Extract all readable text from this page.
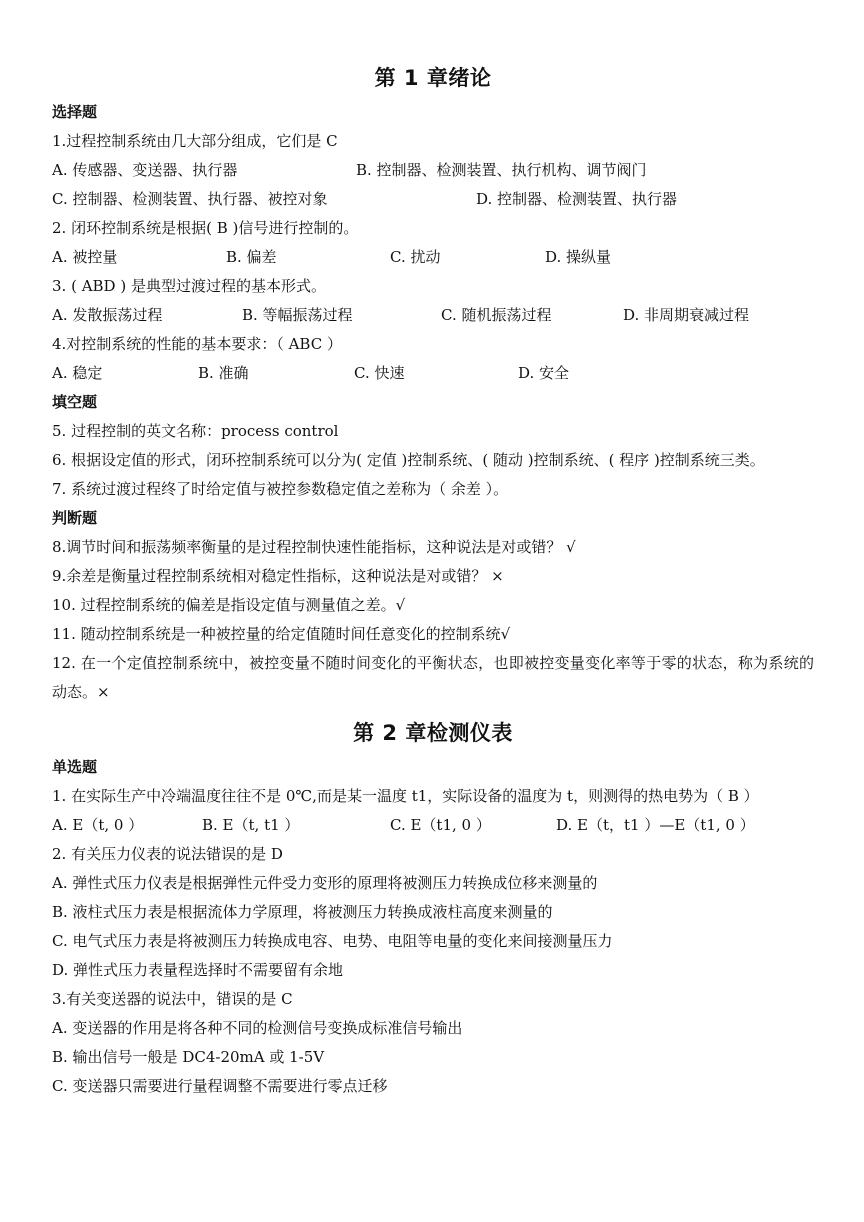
第 1 章绪论
选择题
1.过程控制系统由几大部分组成，它们是 C
A. 传感器、变送器、执行器	B. 控制器、检测装置、执行机构、调节阀门
C. 控制器、检测装置、执行器、被控对象	D. 控制器、检测装置、执行器
2. 闭环控制系统是根据( B )信号进行控制的。
A. 被控量	B. 偏差	C. 扰动	D. 操纵量
3. ( ABD ) 是典型过渡过程的基本形式。
A. 发散振荡过程	B. 等幅振荡过程	C. 随机振荡过程	D. 非周期衰减过程
4.对控制系统的性能的基本要求：（ ABC ）
A. 稳定	B. 准确	C. 快速	D. 安全
填空题
5. 过程控制的英文名称：process control
6. 根据设定值的形式，闭环控制系统可以分为( 定值 )控制系统、( 随动 )控制系统、( 程序 )控制系统三类。
7. 系统过渡过程终了时给定值与被控参数稳定值之差称为（ 余差 ）。
判断题
8.调节时间和振荡频率衡量的是过程控制快速性能指标，这种说法是对或错？ √
9.余差是衡量过程控制系统相对稳定性指标，这种说法是对或错？ ×
10. 过程控制系统的偏差是指设定值与测量值之差。√
11. 随动控制系统是一种被控量的给定值随时间任意变化的控制系统√
12. 在一个定值控制系统中，被控变量不随时间变化的平衡状态，也即被控变量变化率等于零的状态，称为系统的动态。×
第 2 章检测仪表
单选题
1. 在实际生产中冷端温度往往不是 0℃,而是某一温度 t1，实际设备的温度为 t，则测得的热电势为（ B ）
A. E（t, 0 ）	B. E（t, t1 ）	C. E（t1, 0 ）	D. E（t，t1 ）—E（t1, 0 ）
2. 有关压力仪表的说法错误的是 D
A. 弹性式压力仪表是根据弹性元件受力变形的原理将被测压力转换成位移来测量的
B. 液柱式压力表是根据流体力学原理，将被测压力转换成液柱高度来测量的
C. 电气式压力表是将被测压力转换成电容、电势、电阻等电量的变化来间接测量压力
D. 弹性式压力表量程选择时不需要留有余地
3.有关变送器的说法中，错误的是 C
A. 变送器的作用是将各种不同的检测信号变换成标准信号输出
B. 输出信号一般是 DC4-20mA 或 1-5V
C. 变送器只需要进行量程调整不需要进行零点迁移
